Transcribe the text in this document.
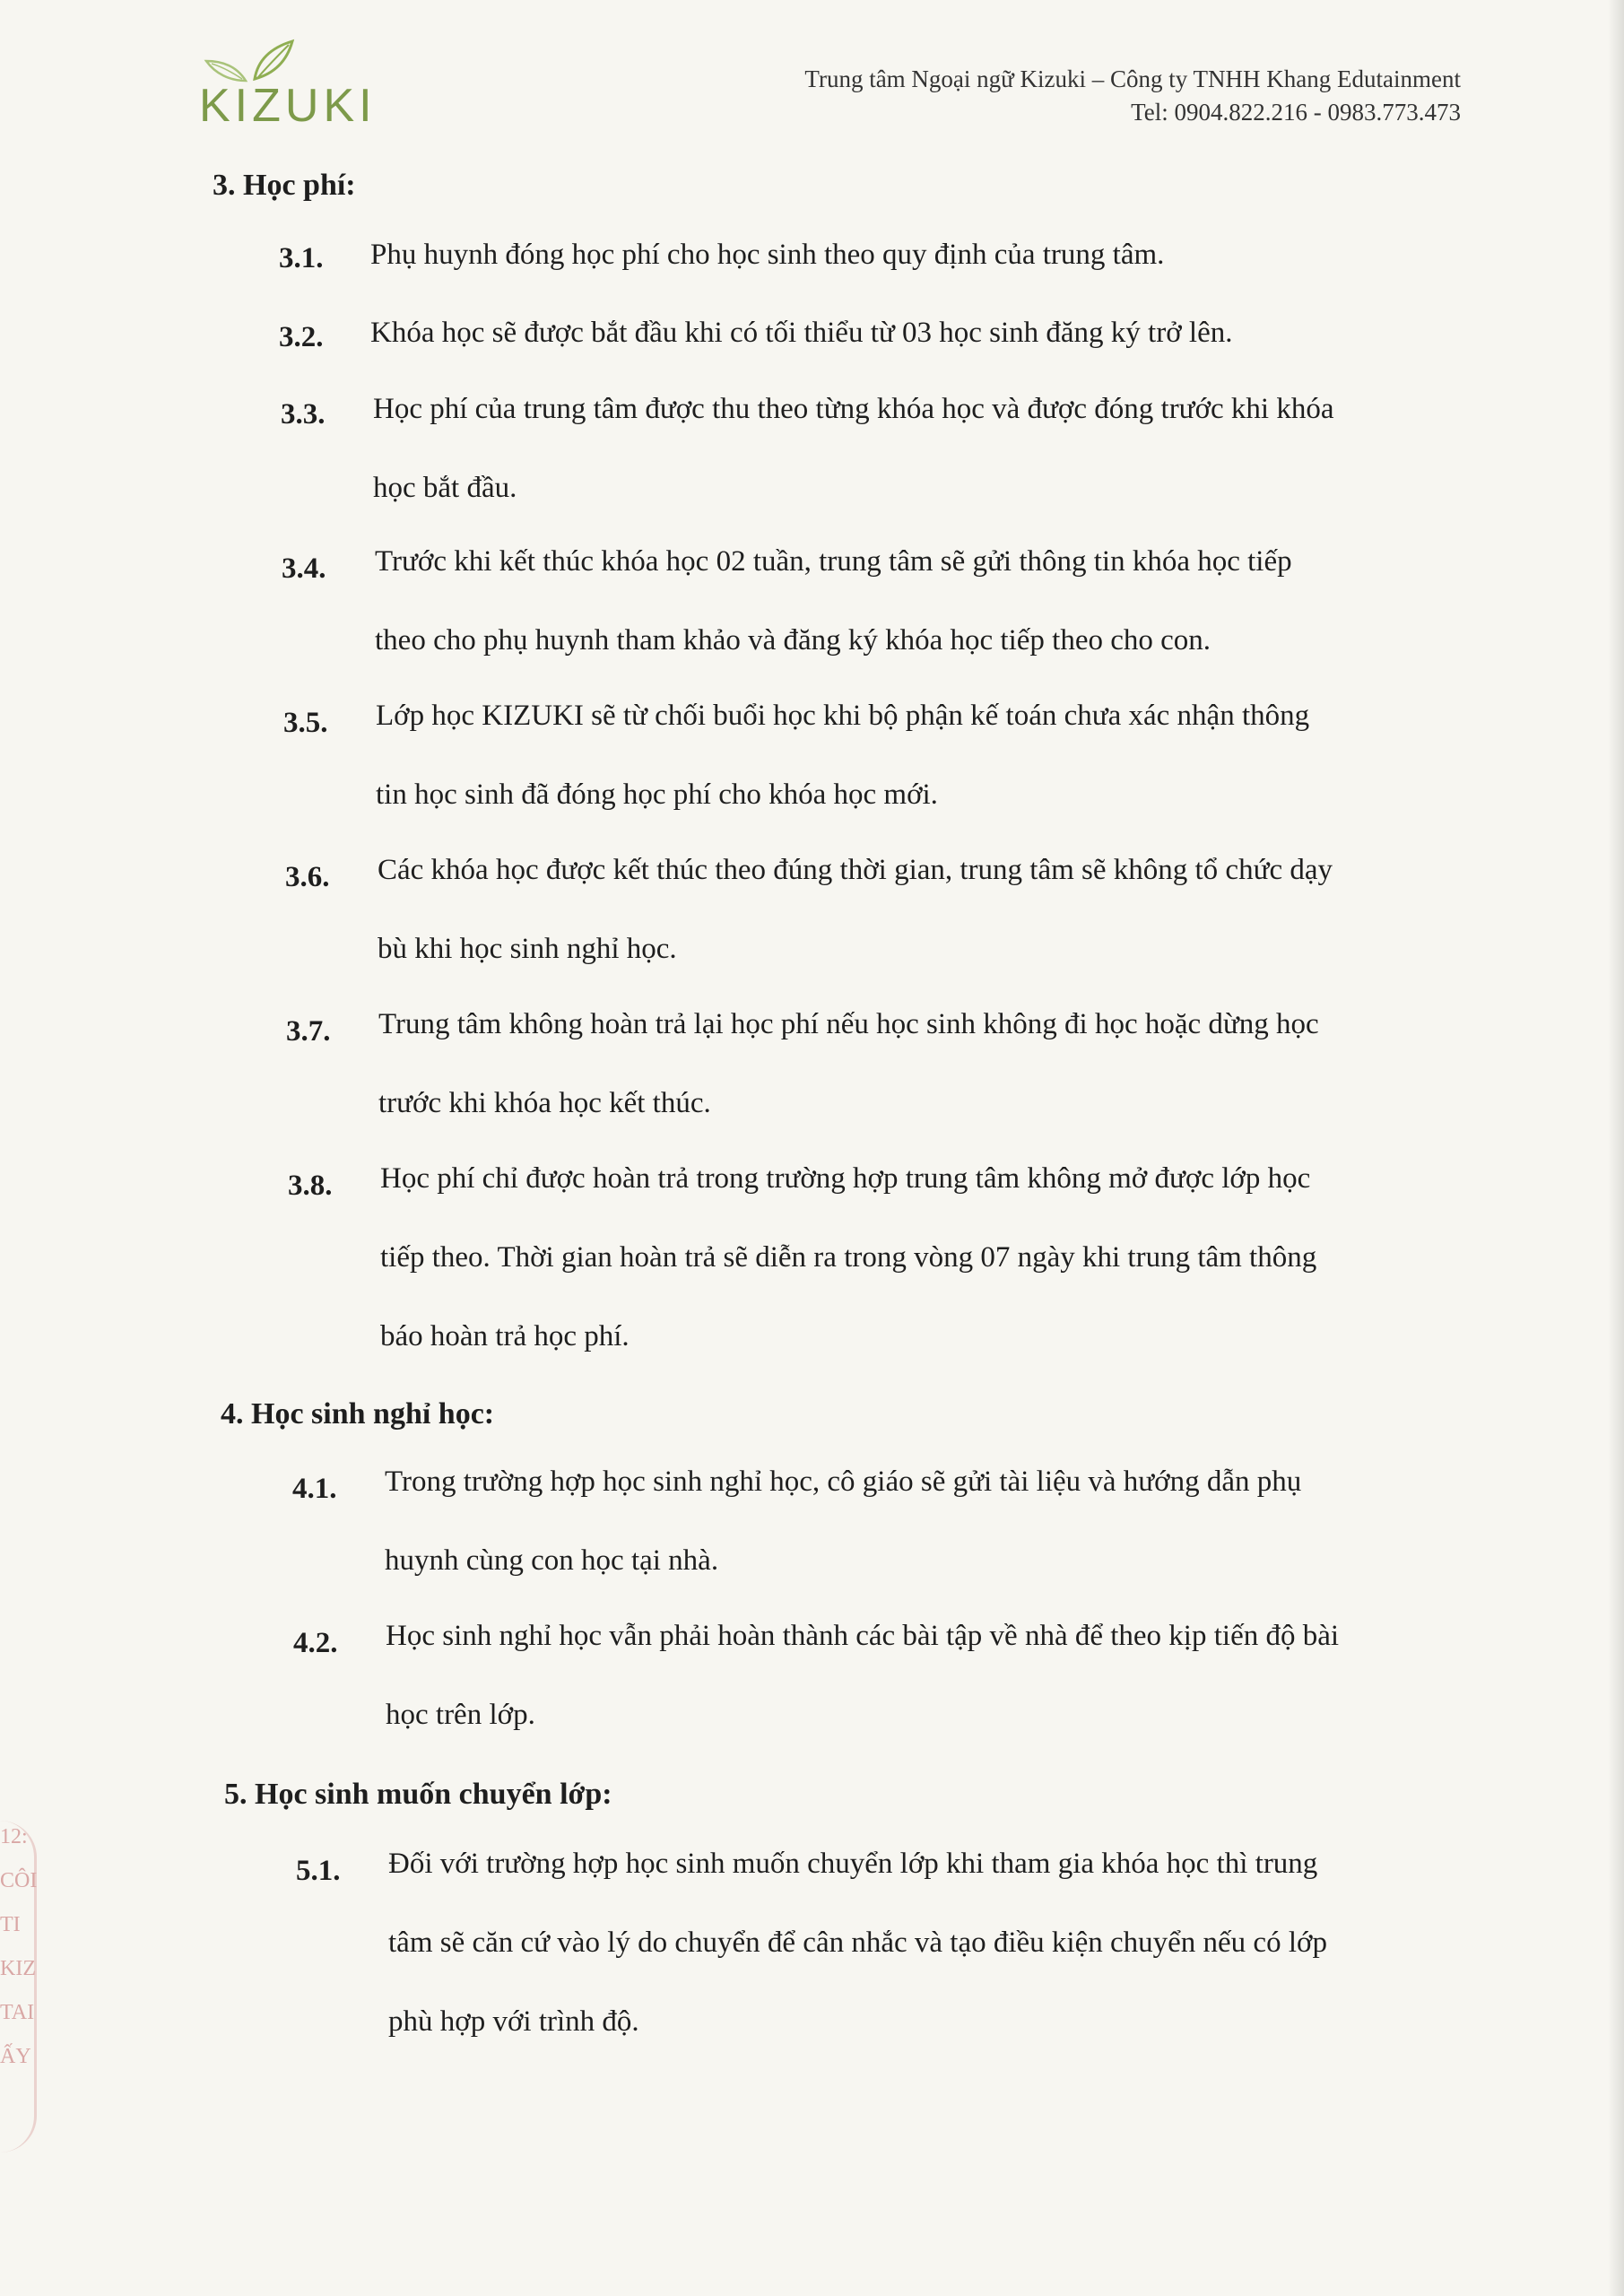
KIZUKI
Trung tâm Ngoại ngữ Kizuki – Công ty TNHH Khang Edutainment
Tel: 0904.822.216 - 0983.773.473
3. Học phí:
3.1. Phụ huynh đóng học phí cho học sinh theo quy định của trung tâm.
3.2. Khóa học sẽ được bắt đầu khi có tối thiểu từ 03 học sinh đăng ký trở lên.
3.3. Học phí của trung tâm được thu theo từng khóa học và được đóng trước khi khóa
học bắt đầu.
3.4. Trước khi kết thúc khóa học 02 tuần, trung tâm sẽ gửi thông tin khóa học tiếp
theo cho phụ huynh tham khảo và đăng ký khóa học tiếp theo cho con.
3.5. Lớp học KIZUKI sẽ từ chối buổi học khi bộ phận kế toán chưa xác nhận thông
tin học sinh đã đóng học phí cho khóa học mới.
3.6. Các khóa học được kết thúc theo đúng thời gian, trung tâm sẽ không tổ chức dạy
bù khi học sinh nghỉ học.
3.7. Trung tâm không hoàn trả lại học phí nếu học sinh không đi học hoặc dừng học
trước khi khóa học kết thúc.
3.8. Học phí chỉ được hoàn trả trong trường hợp trung tâm không mở được lớp học
tiếp theo. Thời gian hoàn trả sẽ diễn ra trong vòng 07 ngày khi trung tâm thông
báo hoàn trả học phí.
4. Học sinh nghỉ học:
4.1. Trong trường hợp học sinh nghỉ học, cô giáo sẽ gửi tài liệu và hướng dẫn phụ
huynh cùng con học tại nhà.
4.2. Học sinh nghỉ học vẫn phải hoàn thành các bài tập về nhà để theo kịp tiến độ bài
học trên lớp.
5. Học sinh muốn chuyển lớp:
5.1. Đối với trường hợp học sinh muốn chuyển lớp khi tham gia khóa học thì trung
tâm sẽ căn cứ vào lý do chuyển để cân nhắc và tạo điều kiện chuyển nếu có lớp
phù hợp với trình độ.
12:
CÔI
TI
KIZ
TAI
ẤY
